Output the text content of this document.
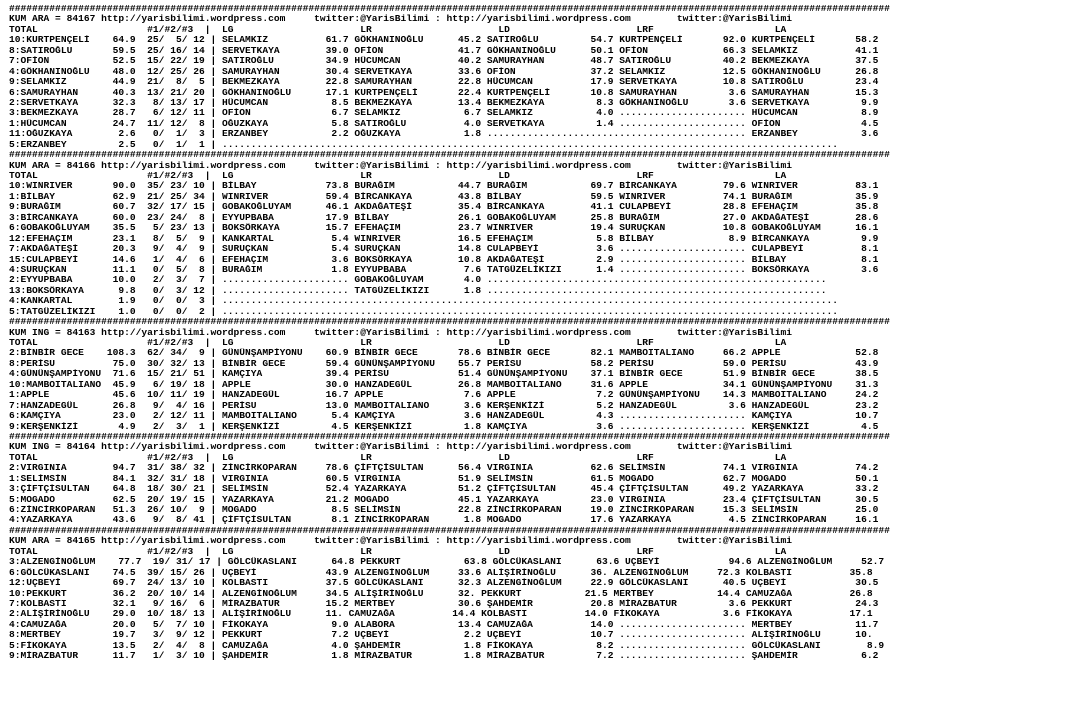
#########################################################################################################################################################
KUM ARA = 84167 http://yarisbilimi.wordpress.com     twitter:@YarisBilimi : http://yarisbilimi.wordpress.com        twitter:@YarisBilimi
TOTAL                   #1/#2/#3  |  LG                      LR                      LD                      LRF                     LA
10:KURTPENÇELİ    64.9  25/  5/ 12 | SELAMKIZ          61.7 GÖKHANINOĞLU      45.2 SATIROĞLU         54.7 KURTPENÇELİ       92.0 KURTPENÇELİ       58.2
8:SATIROĞLU       59.5  25/ 16/ 14 | SERVETKAYA        39.0 OFİON             41.7 GÖKHANINOĞLU      50.1 OFİON             66.3 SELAMKIZ          41.1
7:OFİON           52.5  15/ 22/ 19 | SATIROĞLU         34.9 HÜCUMCAN          40.2 SAMURAYHAN        48.7 SATIROĞLU         40.2 BEKMEZKAYA        37.5
4:GÖKHANINOĞLU    48.0  12/ 25/ 26 | SAMURAYHAN        30.4 SERVETKAYA        33.6 OFİON             37.2 SELAMKIZ          12.5 GÖKHANINOĞLU      26.8
9:SELAMKIZ        44.9  21/  8/  5 | BEKMEZKAYA        22.8 SAMURAYHAN        22.8 HÜCUMCAN          17.9 SERVETKAYA        10.8 SATIROĞLU         23.4
6:SAMURAYHAN      40.3  13/ 21/ 20 | GÖKHANINOĞLU      17.1 KURTPENÇELİ       22.4 KURTPENÇELİ       10.8 SAMURAYHAN         3.6 SAMURAYHAN        15.3
2:SERVETKAYA      32.3   8/ 13/ 17 | HÜCUMCAN           8.5 BEKMEZKAYA        13.4 BEKMEZKAYA         8.3 GÖKHANINOĞLU       3.6 SERVETKAYA         9.9
3:BEKMEZKAYA      28.7   6/ 12/ 11 | OFİON              6.7 SELAMKIZ           6.7 SELAMKIZ           4.0 ...................... HÜCUMCAN           8.9
1:HÜCUMCAN        24.7  11/ 12/  8 | OĞUZKAYA           5.8 SATIROĞLU          4.0 SERVETKAYA         1.4 ...................... OFİON              4.5
11:OĞUZKAYA        2.6   0/  1/  3 | ERZANBEY           2.2 OĞUZKAYA           1.8 ............................................. ERZANBEY           3.6
5:ERZANBEY         2.5   0/  1/  1 | ...........................................................................................................
#########################################################################################################################################################
KUM ARA = 84166 http://yarisbilimi.wordpress.com     twitter:@YarisBilimi : http://yarisbilimi.wordpress.com        twitter:@YarisBilimi
TOTAL                   #1/#2/#3  |  LG                      LR                      LD                      LRF                     LA
10:WINRIVER       90.0  35/ 23/ 10 | BİLBAY            73.8 BURAĞIM           44.7 BURAĞIM           69.7 BİRCANKAYA        79.6 WINRIVER          83.1
1:BİLBAY          62.9  21/ 25/ 34 | WINRIVER          59.4 BİRCANKAYA        43.8 BİLBAY            59.5 WINRIVER          74.1 BURAĞIM           35.9
9:BURAĞIM         60.7  32/ 17/ 15 | GOBAKOĞLUYAM      46.1 AKDAĞATEŞİ        35.4 BİRCANKAYA        41.1 CULAPBEYİ         28.8 EFEHAÇIM          35.8
3:BİRCANKAYA      60.0  23/ 24/  8 | EYYUPBABA         17.9 BİLBAY            26.1 GOBAKOĞLUYAM      25.8 BURAĞIM           27.0 AKDAĞATEŞİ        28.6
6:GOBAKOĞLUYAM    35.5   5/ 23/ 13 | BOKSÖRKAYA        15.7 EFEHAÇIM          23.7 WINRIVER          19.4 SURUÇKAN          10.8 GOBAKOĞLUYAM      16.1
12:EFEHAÇIM       23.1   8/  5/  9 | KANKARTAL          5.4 WINRIVER          16.5 EFEHAÇIM           5.8 BİLBAY             8.9 BİRCANKAYA         9.9
7:AKDAĞATEŞİ      20.3   9/  4/  9 | SURUÇKAN           5.4 SURUÇKAN          14.8 CULAPBEYİ          3.6 ...................... CULAPBEYİ          8.1
15:CULAPBEYİ      14.6   1/  4/  6 | EFEHAÇIM           3.6 BOKSÖRKAYA        10.8 AKDAĞATEŞİ         2.9 ...................... BİLBAY             8.1
4:SURUÇKAN        11.1   0/  5/  8 | BURAĞIM            1.8 EYYUPBABA          7.6 TATGÜZELİKIZI      1.4 ...................... BOKSÖRKAYA         3.6
2:EYYUPBABA       10.0   2/  3/  7 | ...................... GOBAKOĞLUYAM       4.0 ...........................................................
13:BOKSÖRKAYA      9.8   0/  3/ 12 | ...................... TATGÜZELİKIZI      1.8 ...........................................................
4:KANKARTAL        1.9   0/  0/  3 | ...........................................................................................................
5:TATGÜZELİKIZI    1.0   0/  0/  2 | ...........................................................................................................
#########################################################################################################################################################
KUM ING = 84163 http://yarisbilimi.wordpress.com     twitter:@YarisBilimi : http://yarisbilimi.wordpress.com        twitter:@YarisBilimi
TOTAL                   #1/#2/#3  |  LG                      LR                      LD                      LRF                     LA
2:BİNBİR GECE    108.3  62/ 34/  9 | GÜNÜNŞAMPİYONU    60.9 BİNBİR GECE       78.6 BİNBİR GECE       82.1 MAMBOITALIANO     66.2 APPLE             52.8
8:PERİSU          75.0  30/ 32/ 13 | BİNBİR GECE       59.4 GÜNÜNŞAMPİYONU    55.7 PERİSU            58.2 PERİSU            59.0 PERİSU            43.9
4:GÜNÜNŞAMPİYONU  71.6  15/ 21/ 51 | KAMÇIYA           39.4 PERİSU            51.4 GÜNÜNŞAMPİYONU    37.1 BİNBİR GECE       51.9 BİNBİR GECE       38.5
10:MAMBOITALIANO  45.9   6/ 19/ 18 | APPLE             30.0 HANZADEGÜL        26.8 MAMBOITALIANO     31.6 APPLE             34.1 GÜNÜNŞAMPİYONU    31.3
1:APPLE           45.6  10/ 11/ 19 | HANZADEGÜL        16.7 APPLE              7.6 APPLE              7.2 GÜNÜNŞAMPİYONU    14.3 MAMBOITALIANO     24.2
7:HANZADEGÜL      26.8   9/  4/ 16 | PERİSU            13.0 MAMBOITALIANO      3.6 KERŞENKİZİ         5.2 HANZADEGÜL         3.6 HANZADEGÜL        23.2
6:KAMÇIYA         23.0   2/ 12/ 11 | MAMBOITALIANO      5.4 KAMÇIYA            3.6 HANZADEGÜL         4.3 ...................... KAMÇIYA           10.7
9:KERŞENKİZİ       4.9   2/  3/  1 | KERŞENKİZİ         4.5 KERŞENKİZİ         1.8 KAMÇIYA            3.6 ...................... KERŞENKİZİ         4.5
#########################################################################################################################################################
KUM ING = 84164 http://yarisbilimi.wordpress.com     twitter:@YarisBilimi : http://yarisbilimi.wordpress.com        twitter:@YarisBilimi
TOTAL                   #1/#2/#3  |  LG                      LR                      LD                      LRF                     LA
2:VIRGINIA        94.7  31/ 38/ 32 | ZİNCİRKOPARAN     78.6 ÇİFTÇİSULTAN      56.4 VIRGINIA          62.6 SELİMSİN          74.1 VIRGINIA          74.2
1:SELİMSİN        84.1  32/ 31/ 18 | VIRGINIA          60.5 VIRGINIA          51.9 SELİMSİN          61.5 MOGADO            62.7 MOGADO            50.1
3:ÇİFTÇİSULTAN    64.8  18/ 30/ 21 | SELİMSİN          52.4 YAZARKAYA         51.2 ÇİFTÇİSULTAN      45.4 ÇİFTÇİSULTAN      49.2 YAZARKAYA         33.2
5:MOGADO          62.5  20/ 19/ 15 | YAZARKAYA         21.2 MOGADO            45.1 YAZARKAYA         23.0 VIRGINIA          23.4 ÇİFTÇİSULTAN      30.5
6:ZİNCİRKOPARAN   51.3  26/ 10/  9 | MOGADO             8.5 SELİMSİN          22.8 ZİNCİRKOPARAN     19.0 ZİNCİRKOPARAN     15.3 SELİMSİN          25.0
4:YAZARKAYA       43.6   9/  8/ 41 | ÇİFTÇİSULTAN       8.1 ZİNCİRKOPARAN      1.8 MOGADO            17.6 YAZARKAYA          4.5 ZİNCİRKOPARAN     16.1
#########################################################################################################################################################
KUM ARA = 84165 http://yarisbilimi.wordpress.com     twitter:@YarisBilimi : http://yarisbilimi.wordpress.com        twitter:@YarisBilimi
TOTAL                   #1/#2/#3  |  LG                      LR                      LD                      LRF                     LA
3:ALZENGİNOĞLUM    77.7  19/ 31/ 17 | GÖLCÜKASLANI      64.8 PEKKURT           63.8 GÖLCÜKASLANI      63.6 UÇBEYİ            94.6 ALZENGİNOĞLUM     52.7
6:GÖLCÜKASLANI    74.5  39/ 15/ 26 | UÇBEYİ            43.9 ALZENGİNOĞLUM     33.6 ALİŞİRİNOĞLU      36. ALZENGİNOĞLUM     72.3 KOLBASTI          35.8
12:UÇBEYİ         69.7  24/ 13/ 10 | KOLBASTI          37.5 GÖLCÜKASLANI      32.3 ALZENGİNOĞLUM     22.9 GÖLCÜKASLANI      40.5 UÇBEYİ            30.5
10:PEKKURT        36.2  20/ 10/ 14 | ALZENGİNOĞLUM     34.5 ALİŞİRİNOĞLU      32. PEKKURT           21.5 MERTBEY           14.4 CAMUZAĞA          26.8
7:KOLBASTI        32.1   9/ 16/  6 | MİRAZBATUR        15.2 MERTBEY           30.6 ŞAHDEMİR          20.8 MİRAZBATUR         3.6 PEKKURT           24.3
2:ALİŞİRİNOĞLU    29.0  10/ 18/ 13 | ALİŞİRİNOĞLU      11. CAMUZAĞA          14.4 KOLBASTI          14.0 FİKOKAYA           3.6 FİKOKAYA          17.1
4:CAMUZAĞA        20.0   5/  7/ 10 | FİKOKAYA           9.0 ALABORA           13.4 CAMUZAĞA          14.0 ...................... MERTBEY           11.7
8:MERTBEY         19.7   3/  9/ 12 | PEKKURT            7.2 UÇBEYİ             2.2 UÇBEYİ            10.7 ...................... ALİŞİRİNOĞLU      10.
5:FİKOKAYA        13.5   2/  4/  8 | CAMUZAĞA           4.0 ŞAHDEMİR           1.8 FİKOKAYA           8.2 ...................... GÖLCÜKASLANI        8.9
9:MİRAZBATUR      11.7   1/  3/ 10 | ŞAHDEMİR           1.8 MİRAZBATUR         1.8 MİRAZBATUR         7.2 ...................... ŞAHDEMİR           6.2
